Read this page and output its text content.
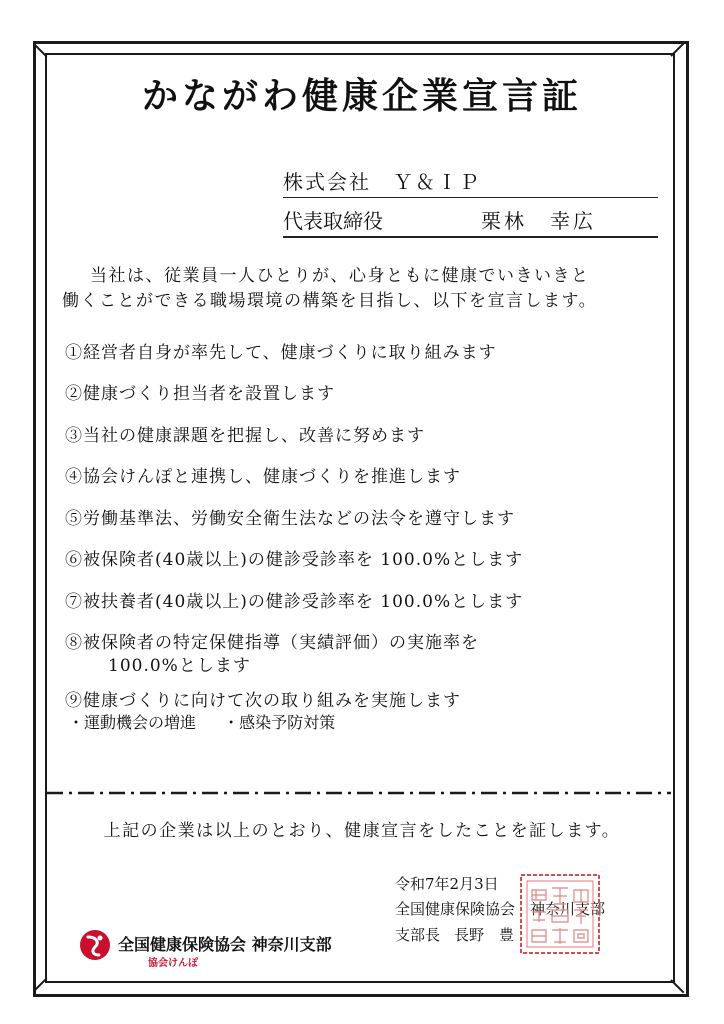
かながわ健康企業宣言証
株式会社　Ｙ＆ＩＰ
代表取締役	栗林　幸広
当社は、従業員一人ひとりが、心身ともに健康でいきいきと
働くことができる職場環境の構築を目指し、以下を宣言します。
①経営者自身が率先して、健康づくりに取り組みます
②健康づくり担当者を設置します
③当社の健康課題を把握し、改善に努めます
④協会けんぽと連携し、健康づくりを推進します
⑤労働基準法、労働安全衛生法などの法令を遵守します
⑥被保険者(40歳以上)の健診受診率を 100.0%とします
⑦被扶養者(40歳以上)の健診受診率を 100.0%とします
⑧被保険者の特定保健指導（実績評価）の実施率を
100.0%とします
⑨健康づくりに向けて次の取り組みを実施します
・運動機会の増進 ・感染予防対策
上記の企業は以上のとおり、健康宣言をしたことを証します。
令和7年2月3日
全国健康保険協会　神奈川支部
支部長 長野　豊
全国健康保険協会 神奈川支部
協会けんぽ
